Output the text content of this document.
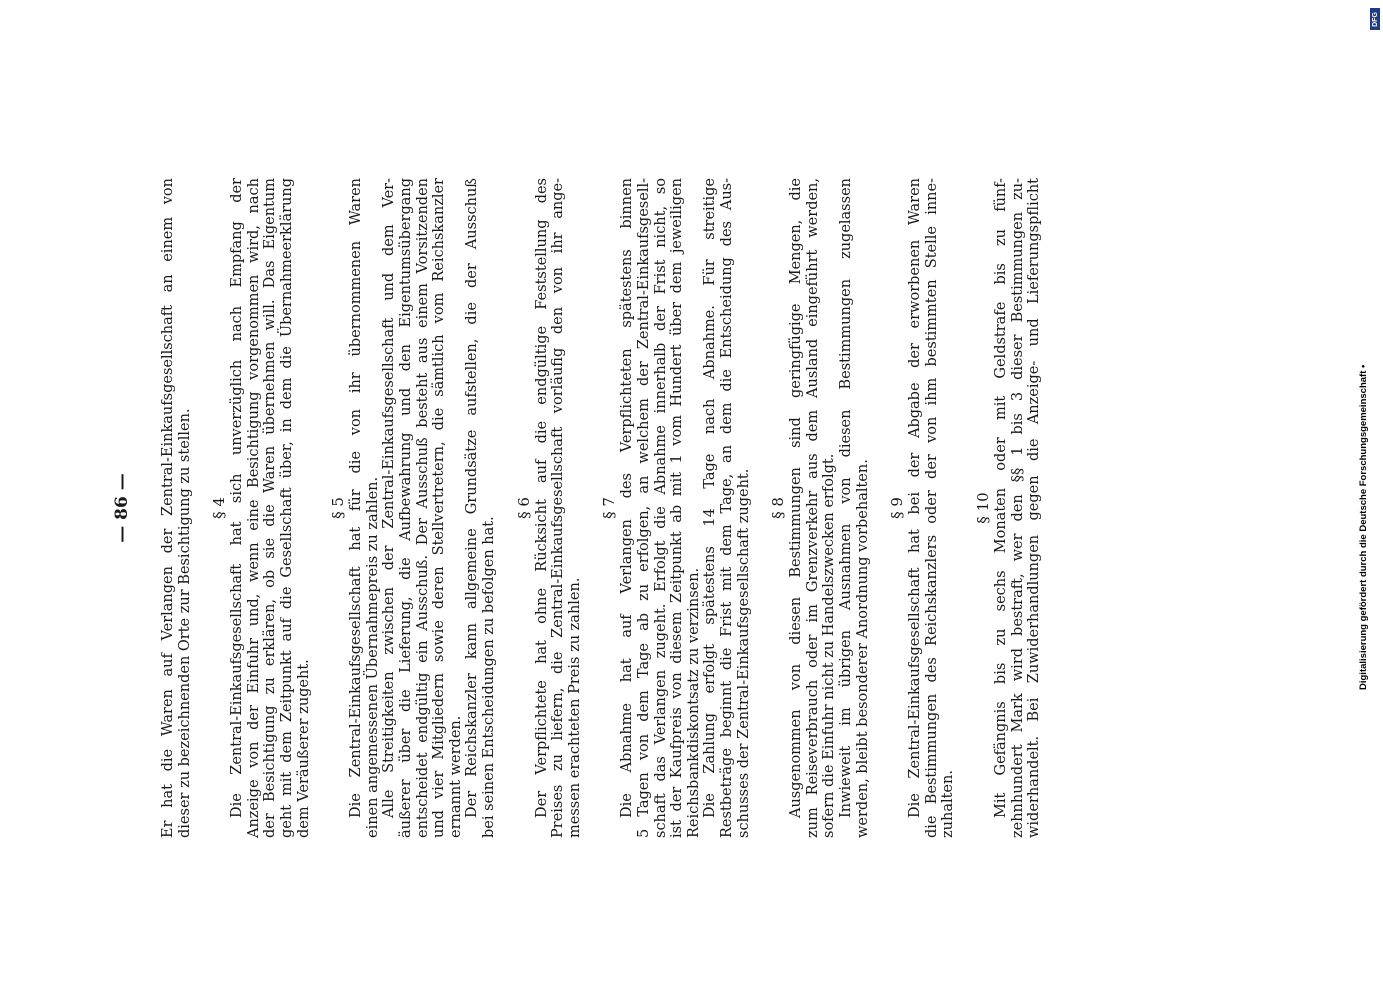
— 86 — Er hat die Waren auf Verlangen der Zentral-Einkaufsgesellschaft an einem von dieser zu bezeichnenden Orte zur Besichtigung zu stellen. § 4 Die Zentral-Einkaufsgesellschaft hat sich unverzüglich nach Empfang der Anzeige von der Einfuhr und, wenn eine Besichtigung vorgenommen wird, nach der Besichtigung zu erklären, ob sie die Waren übernehmen will. Das Eigentum geht mit dem Zeitpunkt auf die Gesellschaft über, in dem die Übernahmeerklärung dem Veräußerer zugeht.
§ 5 Die Zentral-Einkaufsgesellschaft hat für die von ihr übernommenen Waren einen angemessenen Übernahmepreis zu zahlen. Alle Streitigkeiten zwischen der Zentral-Einkaufsgesellschaft und dem Ver- äußerer über die Lieferung, die Aufbewahrung und den Eigentumsübergang entscheidet endgültig ein Ausschuß. Der Ausschuß besteht aus einem Vorsitzenden und vier Mitgliedern sowie deren Stellvertretern, die sämtlich vom Reichskanzler ernannt werden. Der Reichskanzler kann allgemeine Grundsätze aufstellen, die der Ausschuß bei seinen Entscheidungen zu befolgen hat.
§ 6 Der Verpflichtete hat ohne Rücksicht auf die endgültige Feststellung des Preises zu liefern, die Zentral-Einkaufsgesellschaft vorläufig den von ihr ange- messen erachteten Preis zu zahlen.
§ 7 Die Abnahme hat auf Verlangen des Verpflichteten spätestens binnen 5 Tagen von dem Tage ab zu erfolgen, an welchem der Zentral-Einkaufsgesell- schaft das Verlangen zugeht. Erfolgt die Abnahme innerhalb der Frist nicht, so ist der Kaufpreis von diesem Zeitpunkt ab mit 1 vom Hundert über dem jeweiligen Reichsbankdiskontsatz zu verzinsen. Die Zahlung erfolgt spätestens 14 Tage nach Abnahme. Für streitige Restbeträge beginnt die Frist mit dem Tage, an dem die Entscheidung des Aus- schusses der Zentral-Einkaufsgesellschaft zugeht. § 8 Ausgenommen von diesen Bestimmungen sind geringfügige Mengen, die zum Reiseverbrauch oder im Grenzverkehr aus dem Ausland eingeführt werden, sofern die Einfuhr nicht zu Handelszwecken erfolgt. Inwieweit im übrigen Ausnahmen von diesen Bestimmungen zugelassen werden, bleibt besonderer Anordnung vorbehalten. § 9 Die Zentral-Einkaufsgesellschaft hat bei der Abgabe der erworbenen Waren die Bestimmungen des Reichskanzlers oder der von ihm bestimmten Stelle inne- zuhalten.
§ 10 Mit Gefängnis bis zu sechs Monaten oder mit Geldstrafe bis zu fünf- zehnhundert Mark wird bestraft, wer den §§ 1 bis 3 dieser Bestimmungen zu- widerhandelt. Bei Zuwiderhandlungen gegen die Anzeige- und Lieferungspflicht	Digitalisierung gefördert durch die Deutsche Forschungsgemeinschaft •
DFG
